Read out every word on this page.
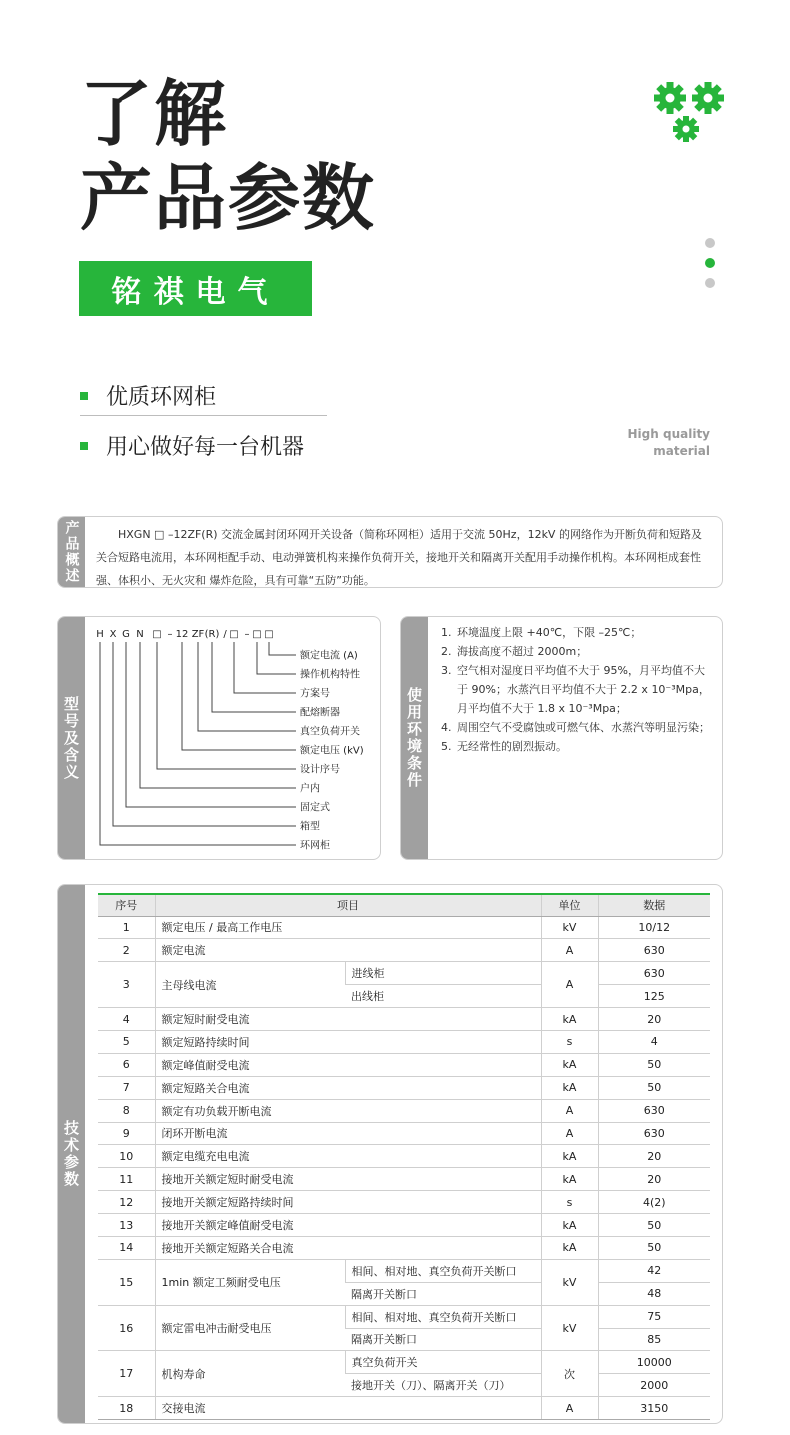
了解
产品参数
铭祺电气
优质环网柜
用心做好每一台机器
High quality
material
产品概述	HXGN □ –12ZF(R) 交流金属封闭环网开关设备（简称环网柜）适用于交流 50Hz，12kV 的网络作为开断负荷和短路及关合短路电流用，本环网柜配手动、电动弹簧机构来操作负荷开关，接地开关和隔离开关配用手动操作机构。本环网柜成套性强、体积小、无火灾和 爆炸危险，具有可靠“五防”功能。
型号及含义
H X G N □ – 12 ZF (R) / □ – □ □
额定电流 (A)
操作机构特性
方案号
配熔断器
真空负荷开关
额定电压 (kV)
设计序号
户内
固定式
箱型
环网柜
使用环境条件
1. 环境温度上限 +40℃，下限 –25℃；
2. 海拔高度不超过 2000m；
3. 空气相对湿度日平均值不大于 95%，月平均值不大于 90%；水蒸汽日平均值不大于 2.2 x 10⁻³Mpa，月平均值不大于 1.8 x 10⁻³Mpa；
4. 周围空气不受腐蚀或可燃气体、水蒸汽等明显污染；
5. 无经常性的剧烈振动。
技术参数
序号	项目		单位	数据
1	额定电压 / 最高工作电压		kV	10/12
2	额定电流		A	630
3	主母线电流	进线柜	A	630
		出线柜		125
4	额定短时耐受电流		kA	20
5	额定短路持续时间		s	4
6	额定峰值耐受电流		kA	50
7	额定短路关合电流		kA	50
8	额定有功负载开断电流		A	630
9	闭环开断电流		A	630
10	额定电缆充电电流		kA	20
11	接地开关额定短时耐受电流		kA	20
12	接地开关额定短路持续时间		s	4(2)
13	接地开关额定峰值耐受电流		kA	50
14	接地开关额定短路关合电流		kA	50
15	1min 额定工频耐受电压	相间、相对地、真空负荷开关断口	kV	42
		隔离开关断口		48
16	额定雷电冲击耐受电压	相间、相对地、真空负荷开关断口	kV	75
		隔离开关断口		85
17	机构寿命	真空负荷开关	次	10000
		接地开关（刀）、隔离开关（刀）		2000
18	交接电流		A	3150
